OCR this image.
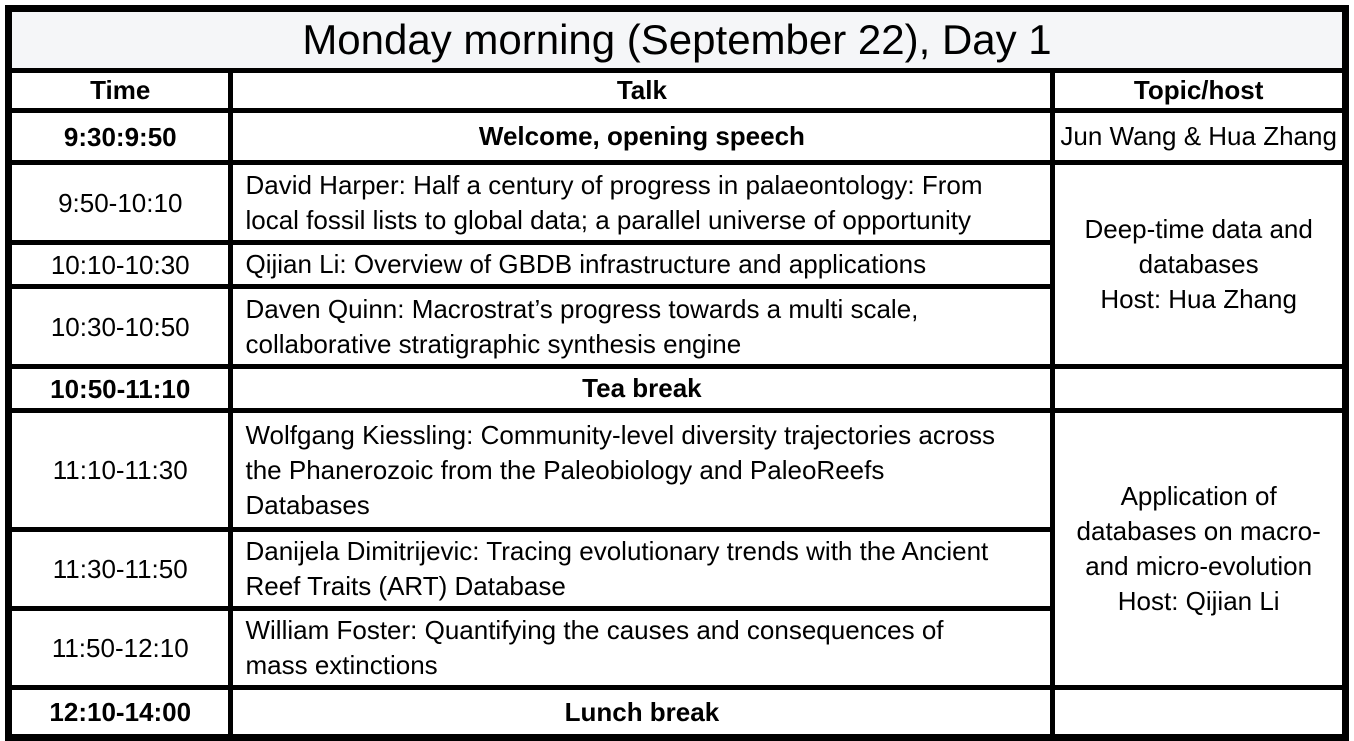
Monday morning (September 22), Day 1		
Time	Talk	Topic/host
9:30:9:50	Welcome, opening speech	Jun Wang & Hua Zhang
9:50-10:10	David Harper: Half a century of progress in palaeontology: From local fossil lists to global data; a parallel universe of opportunity	Deep-time data and databases
Host: Hua Zhang

10:10-10:30	Qijian Li: Overview of GBDB infrastructure and applications	
10:30-10:50	Daven Quinn: Macrostrat’s progress towards a multi scale, collaborative stratigraphic synthesis engine	
10:50-11:10	Tea break	
11:10-11:30	Wolfgang Kiessling: Community-level diversity trajectories across the Phanerozoic from the Paleobiology and PaleoReefs Databases	Application of databases on macro- and micro-evolution
Host: Qijian Li

11:30-11:50	Danijela Dimitrijevic: Tracing evolutionary trends with the Ancient Reef Traits (ART) Database	
11:50-12:10	William Foster: Quantifying the causes and consequences of mass extinctions	
12:10-14:00	Lunch break	
